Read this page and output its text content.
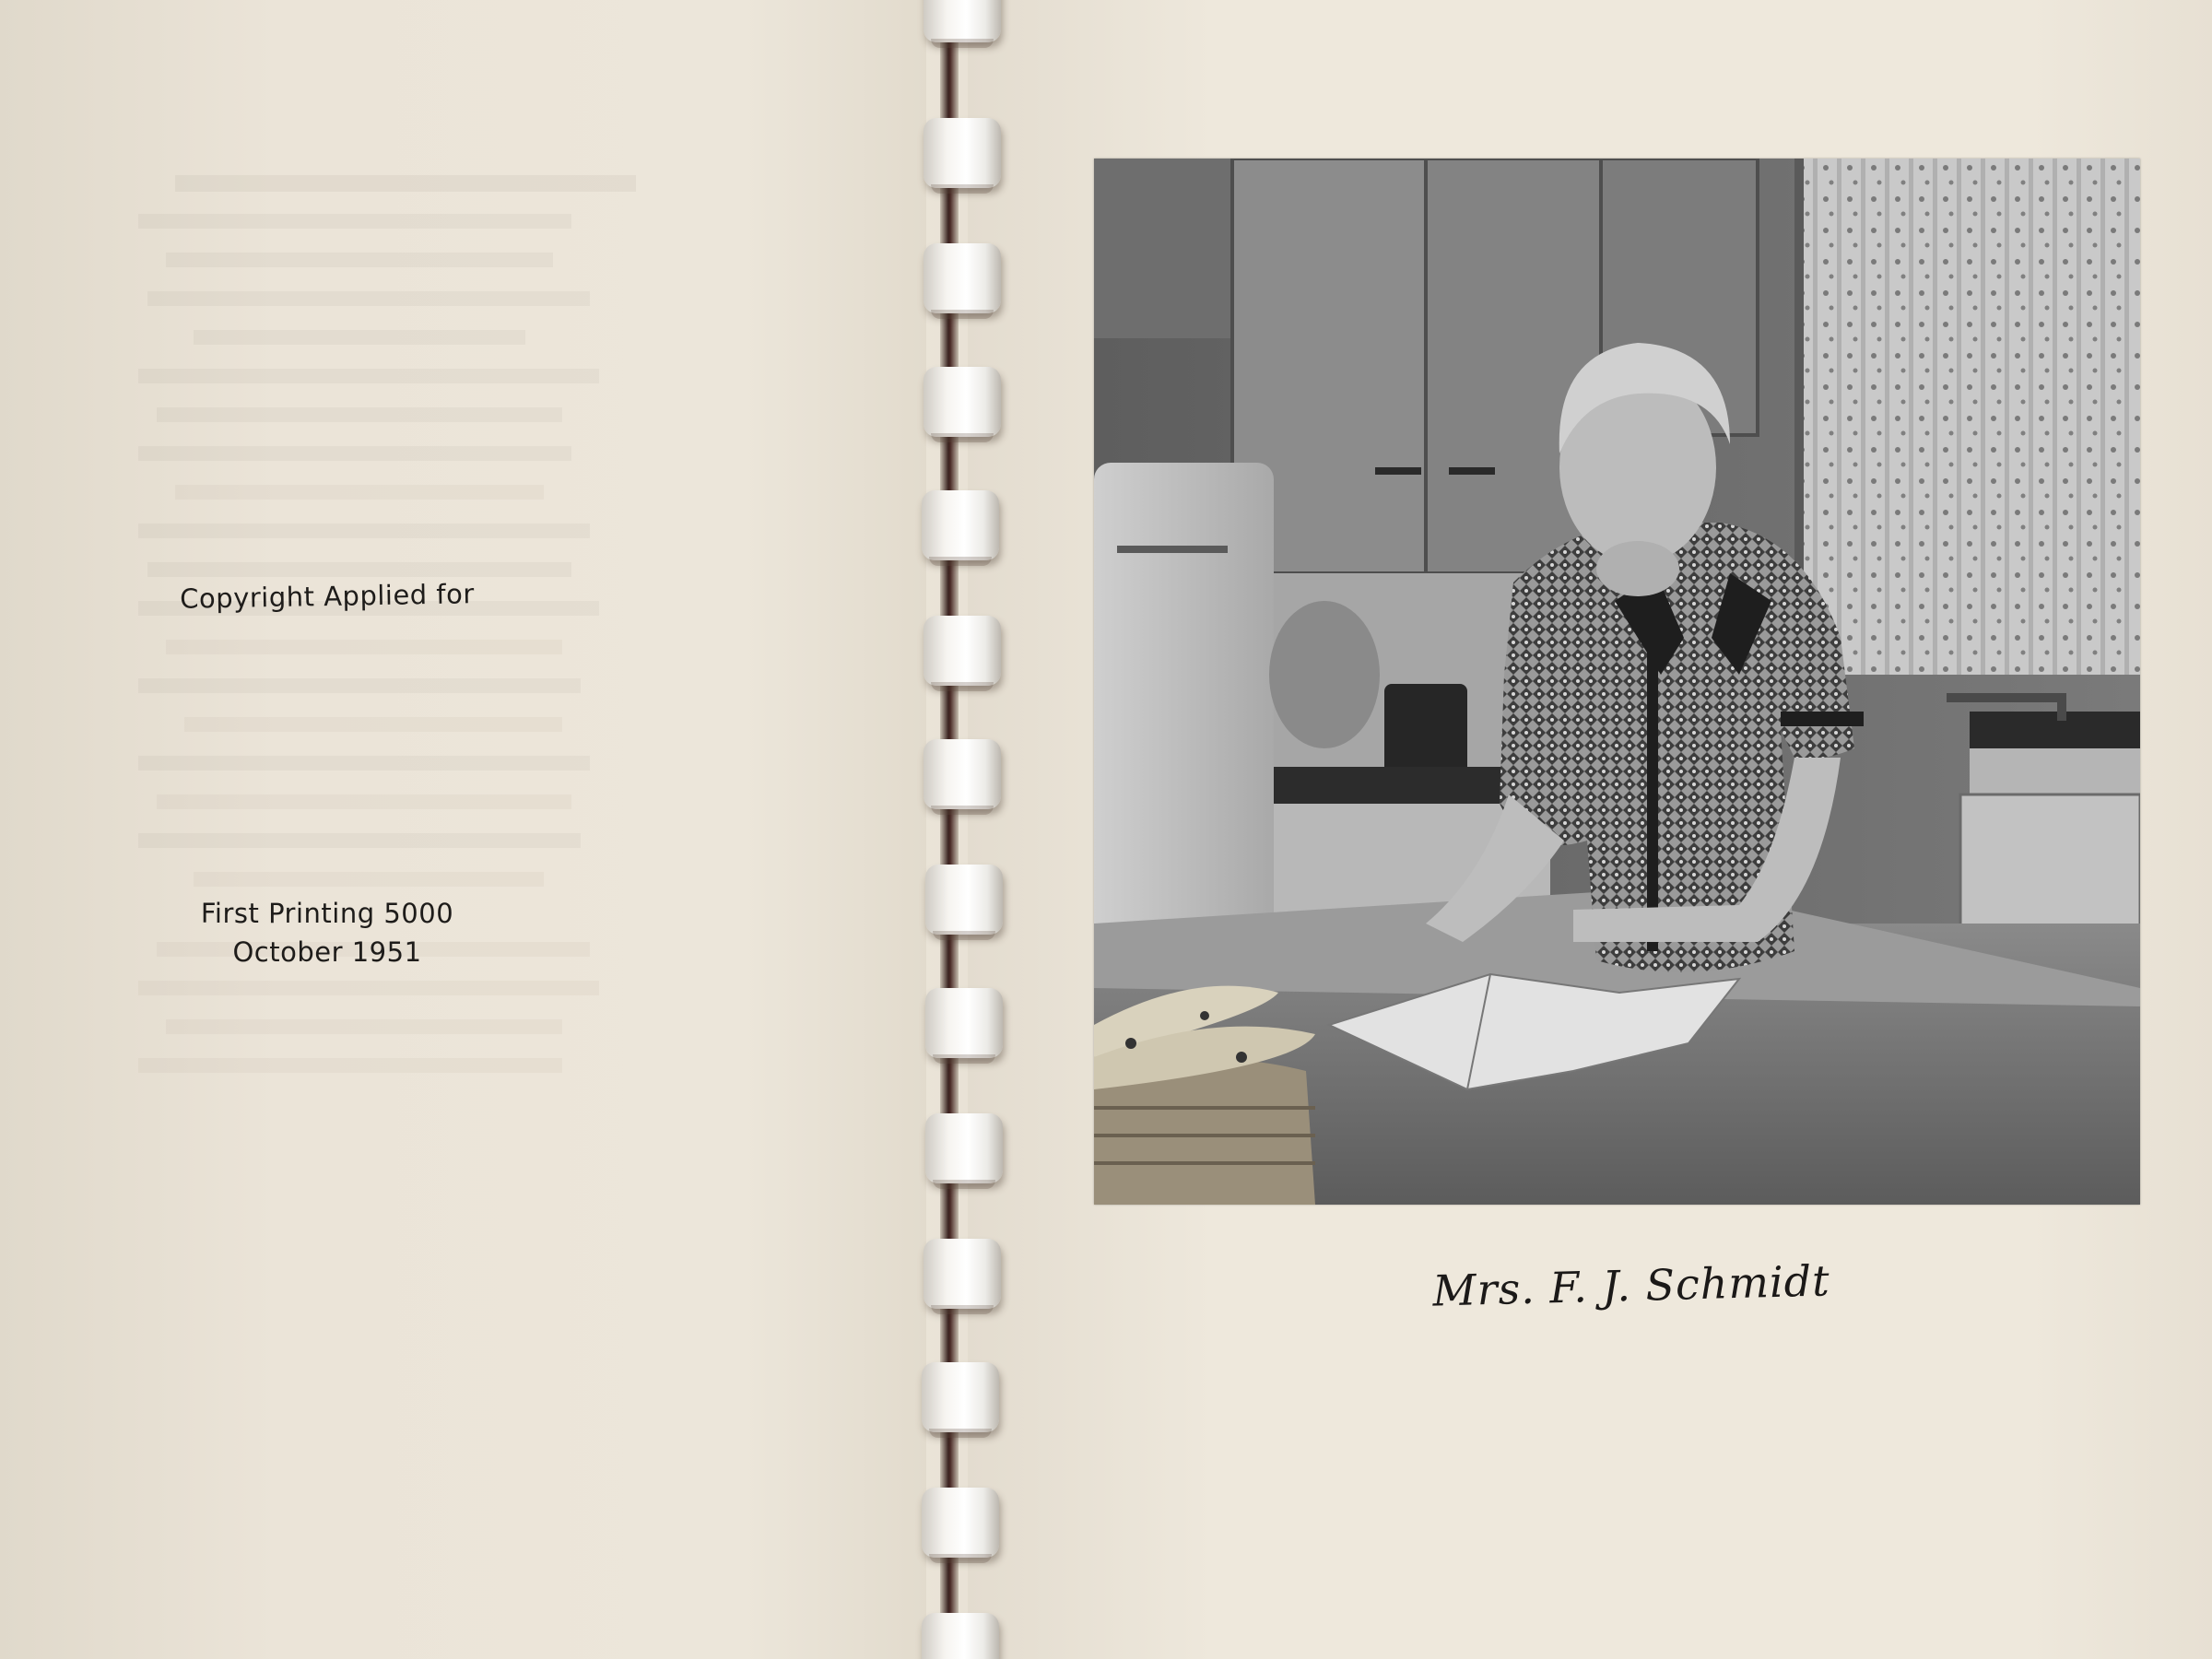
Copyright Applied for
First Printing 5000
October 1951
Mrs. F. J. Schmidt
